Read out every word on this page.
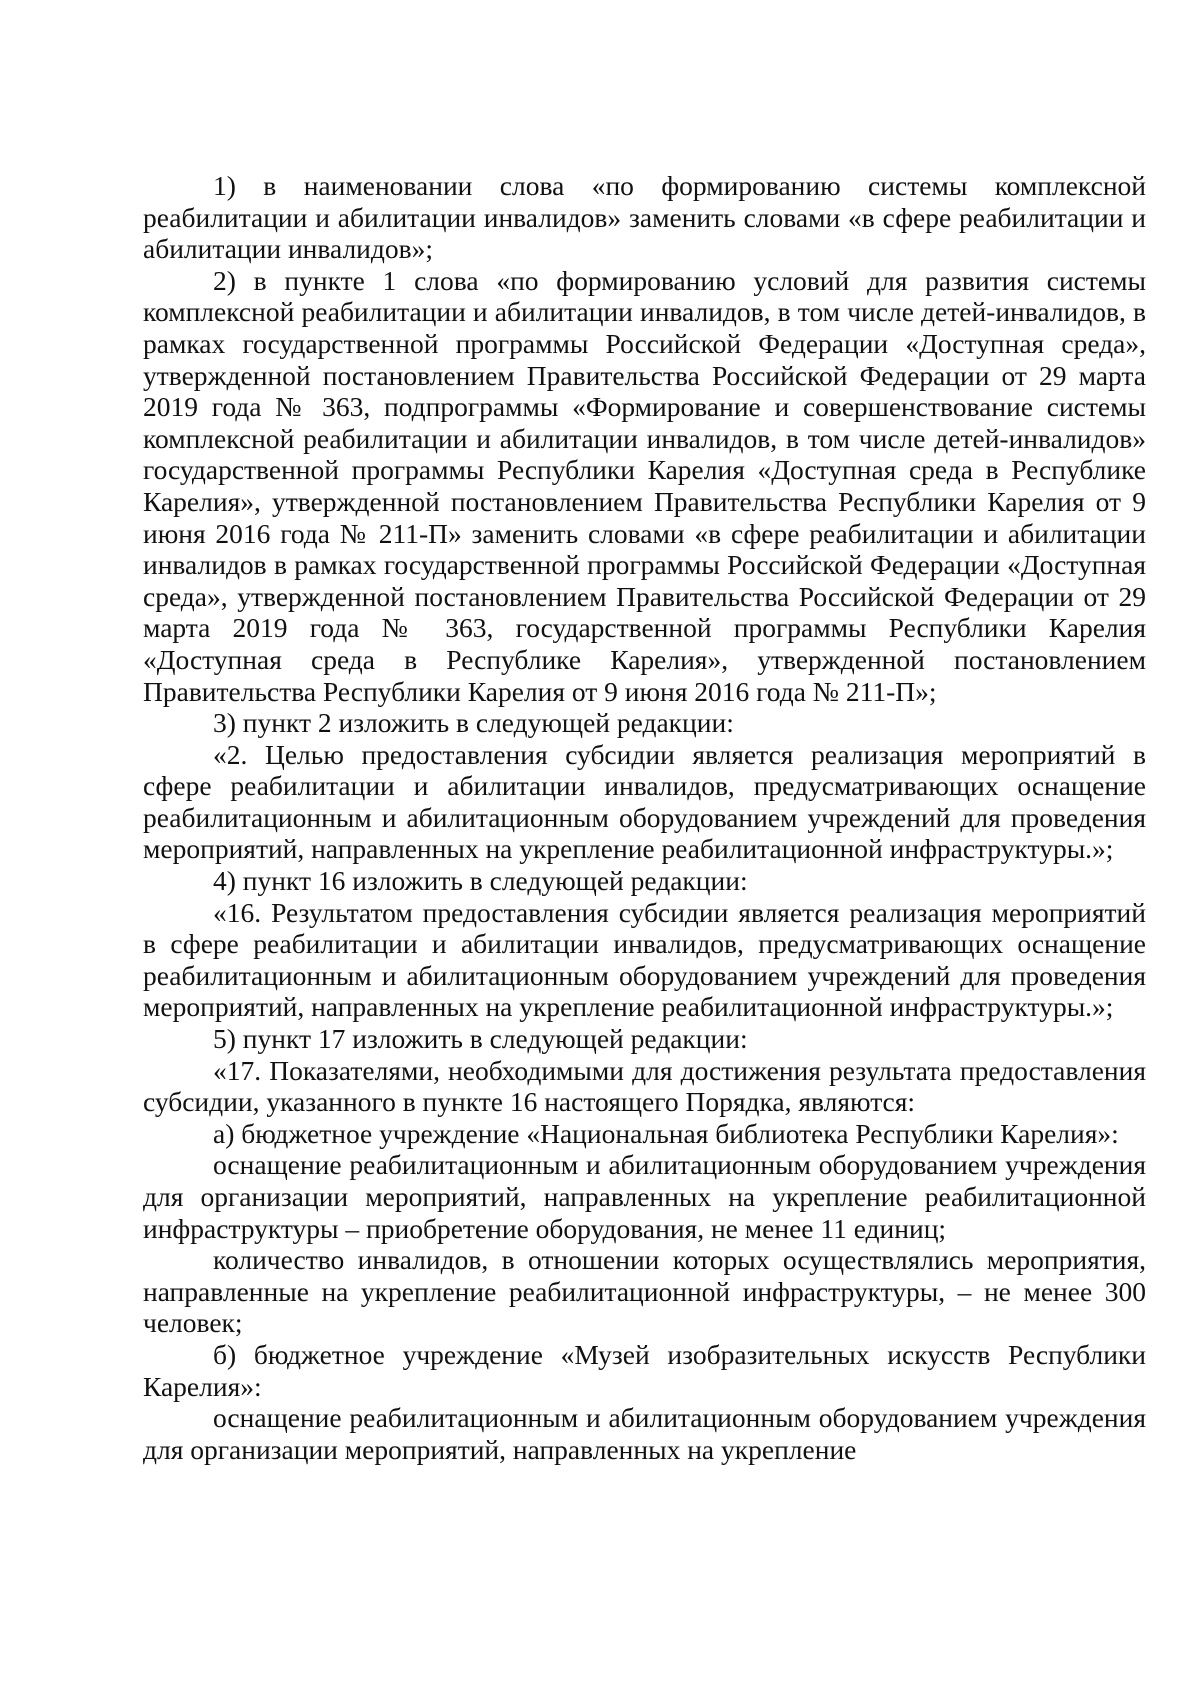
1) в наименовании слова «по формированию системы комплексной реабилитации и абилитации инвалидов» заменить словами «в сфере реабилитации и абилитации инвалидов»;

2) в пункте 1 слова «по формированию условий для развития системы комплексной реабилитации и абилитации инвалидов, в том числе детей-инвалидов, в рамках государственной программы Российской Федерации «Доступная среда», утвержденной постановлением Правительства Российской Федерации от 29 марта 2019 года № 363, подпрограммы «Формирование и совершенствование системы комплексной реабилитации и абилитации инвалидов, в том числе детей-инвалидов» государственной программы Республики Карелия «Доступная среда в Республике Карелия», утвержденной постановлением Правительства Республики Карелия от 9 июня 2016 года № 211-П» заменить словами «в сфере реабилитации и абилитации инвалидов в рамках государственной программы Российской Федерации «Доступная среда», утвержденной постановлением Правительства Российской Федерации от 29 марта 2019 года № 363, государственной программы Республики Карелия «Доступная среда в Республике Карелия», утвержденной постановлением Правительства Республики Карелия от 9 июня 2016 года № 211-П»;

3) пункт 2 изложить в следующей редакции:

«2. Целью предоставления субсидии является реализация мероприятий в сфере реабилитации и абилитации инвалидов, предусматривающих оснащение реабилитационным и абилитационным оборудованием учреждений для проведения мероприятий, направленных на укрепление реабилитационной инфраструктуры.»;

4) пункт 16 изложить в следующей редакции:

«16. Результатом предоставления субсидии является реализация мероприятий в сфере реабилитации и абилитации инвалидов, предусматривающих оснащение реабилитационным и абилитационным оборудованием учреждений для проведения мероприятий, направленных на укрепление реабилитационной инфраструктуры.»;

5) пункт 17 изложить в следующей редакции:

«17. Показателями, необходимыми для достижения результата предоставления субсидии, указанного в пункте 16 настоящего Порядка, являются:

а) бюджетное учреждение «Национальная библиотека Республики Карелия»:

оснащение реабилитационным и абилитационным оборудованием учреждения для организации мероприятий, направленных на укрепление реабилитационной инфраструктуры – приобретение оборудования, не менее 11 единиц;

количество инвалидов, в отношении которых осуществлялись мероприятия, направленные на укрепление реабилитационной инфраструктуры, – не менее 300 человек;

б) бюджетное учреждение «Музей изобразительных искусств Республики Карелия»:

оснащение реабилитационным и абилитационным оборудованием учреждения для организации мероприятий, направленных на укрепление
